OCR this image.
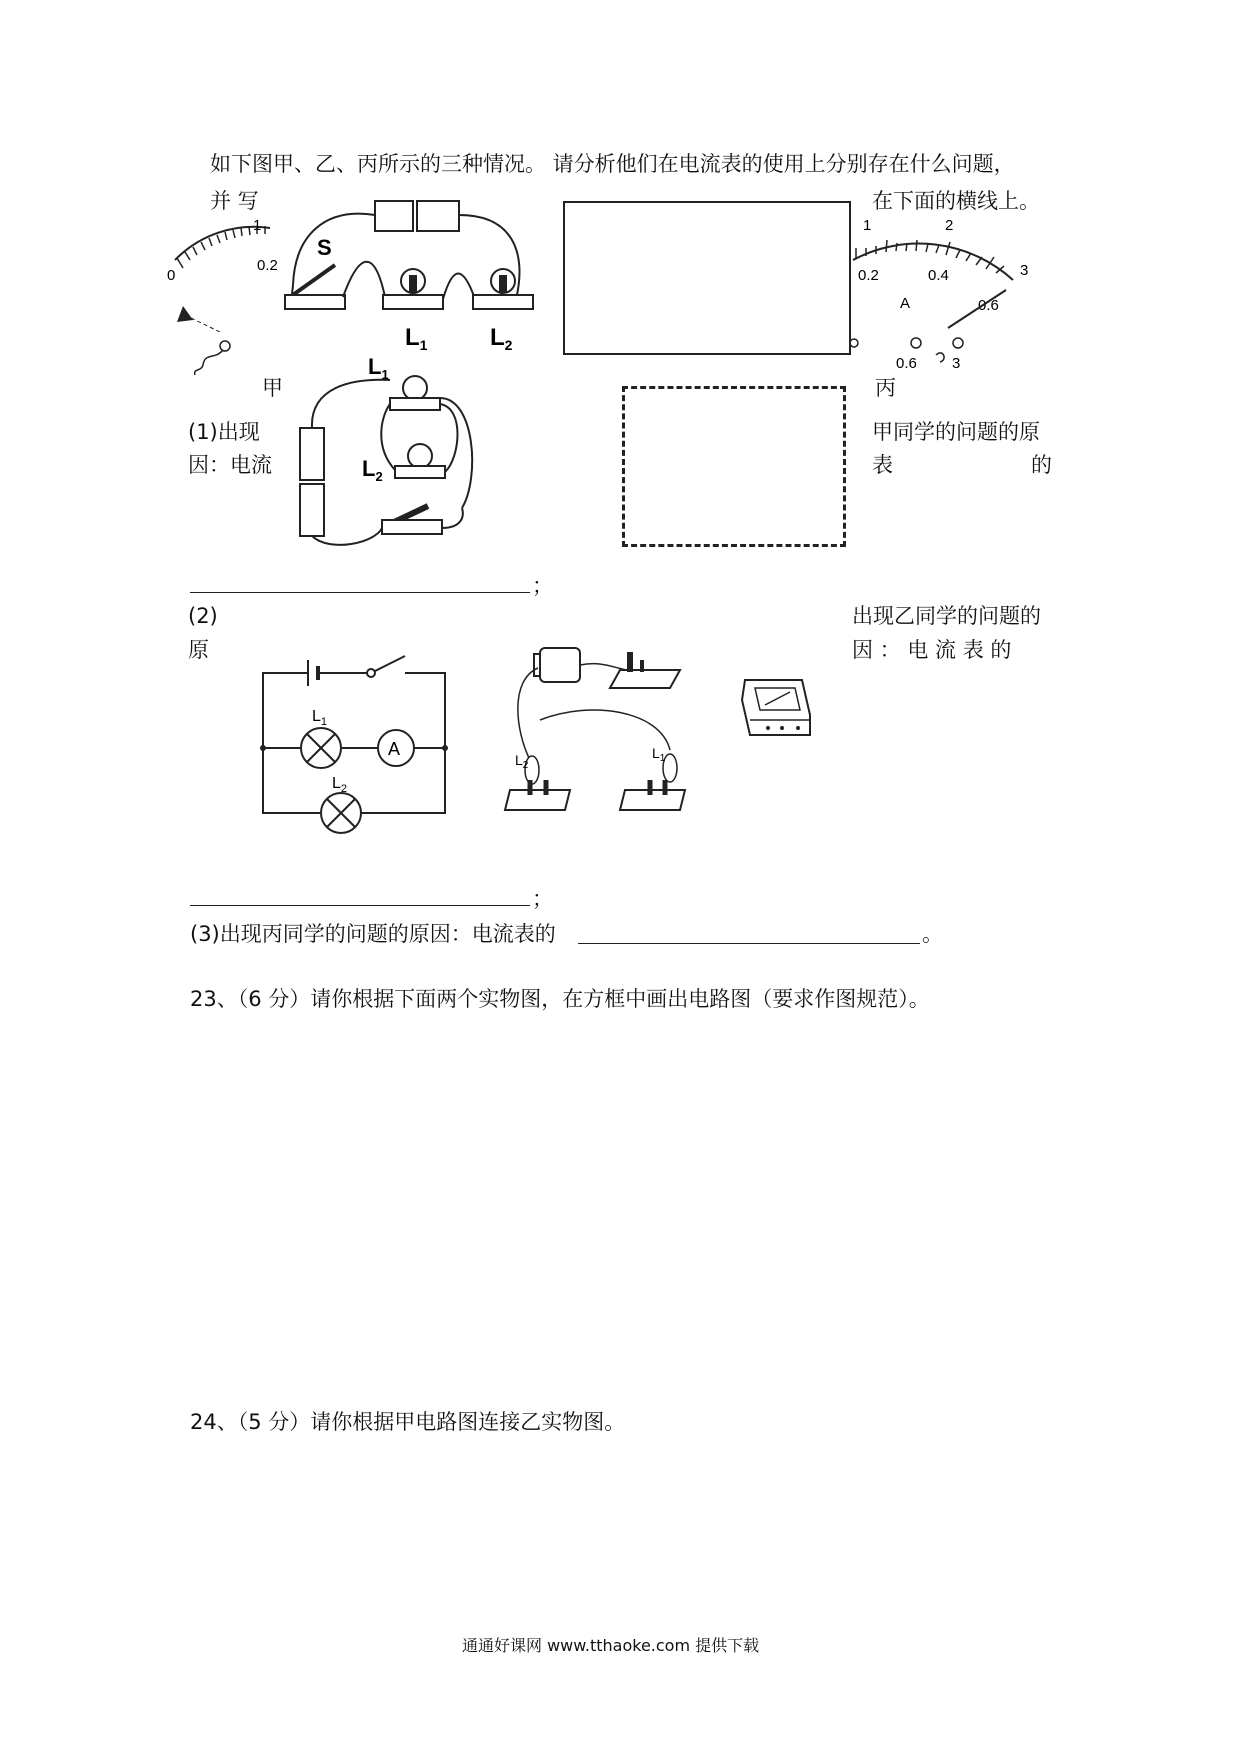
如下图甲、乙、丙所示的三种情况。 请分析他们在电流表的使用上分别存在什么问题，
并 写	在下面的横线上。
0
0.2
1
S
$L_1$	$L_2$
0.2	0.4
0.6
1	2
3
A
0.6 3
甲	丙
$L_1$
$L_2$
(1)出现	甲同学的问题的原
因：电流	表	的
；
(2)	出现乙同学的问题的
原	因 ： 电 流 表 的
A
$L_1$
$L_2$
$L_2$
$L_1$
；
(3)出现丙同学的问题的原因：电流表的	。
23、（6 分）请你根据下面两个实物图，在方框中画出电路图（要求作图规范）。
24、（5 分）请你根据甲电路图连接乙实物图。
通通好课网 www.tthaoke.com 提供下载
